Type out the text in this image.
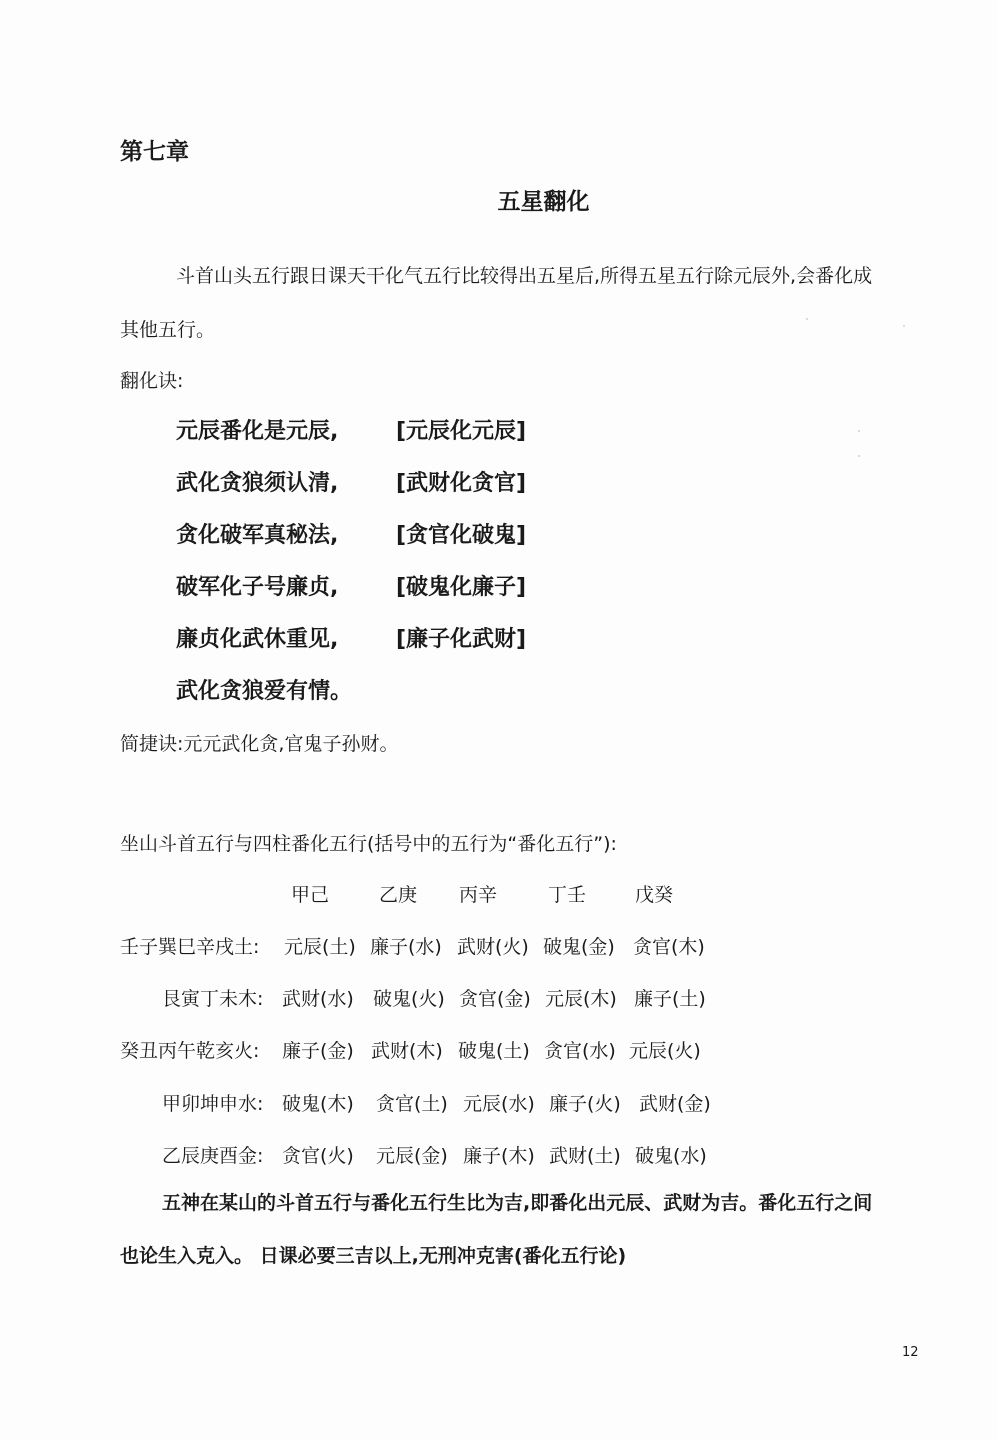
第七章
五星翻化
斗首山头五行跟日课天干化气五行比较得出五星后,所得五星五行除元辰外,会番化成
其他五行。
翻化诀:
元辰番化是元辰,	[元辰化元辰]
武化贪狼须认清,	[武财化贪官]
贪化破军真秘法,	[贪官化破鬼]
破军化子号廉贞,	[破鬼化廉子]
廉贞化武休重见,	[廉子化武财]
武化贪狼爱有情。
简捷诀:元元武化贪,官鬼子孙财。
坐山斗首五行与四柱番化五行(括号中的五行为“番化五行”):
甲己	乙庚 丙辛	丁壬	戊癸
壬子巽巳辛戌土: 元辰(土) 廉子(水) 武财(火) 破鬼(金) 贪官(木)
艮寅丁未木: 武财(水) 破鬼(火) 贪官(金) 元辰(木) 廉子(土)
癸丑丙午乾亥火: 廉子(金) 武财(木) 破鬼(土) 贪官(水) 元辰(火)
甲卯坤申水: 破鬼(木) 贪官(土) 元辰(水) 廉子(火) 武财(金)
乙辰庚酉金: 贪官(火) 元辰(金) 廉子(木) 武财(土) 破鬼(水)
五神在某山的斗首五行与番化五行生比为吉,即番化出元辰、武财为吉。番化五行之间
也论生入克入。 日课必要三吉以上,无刑冲克害(番化五行论)
12
